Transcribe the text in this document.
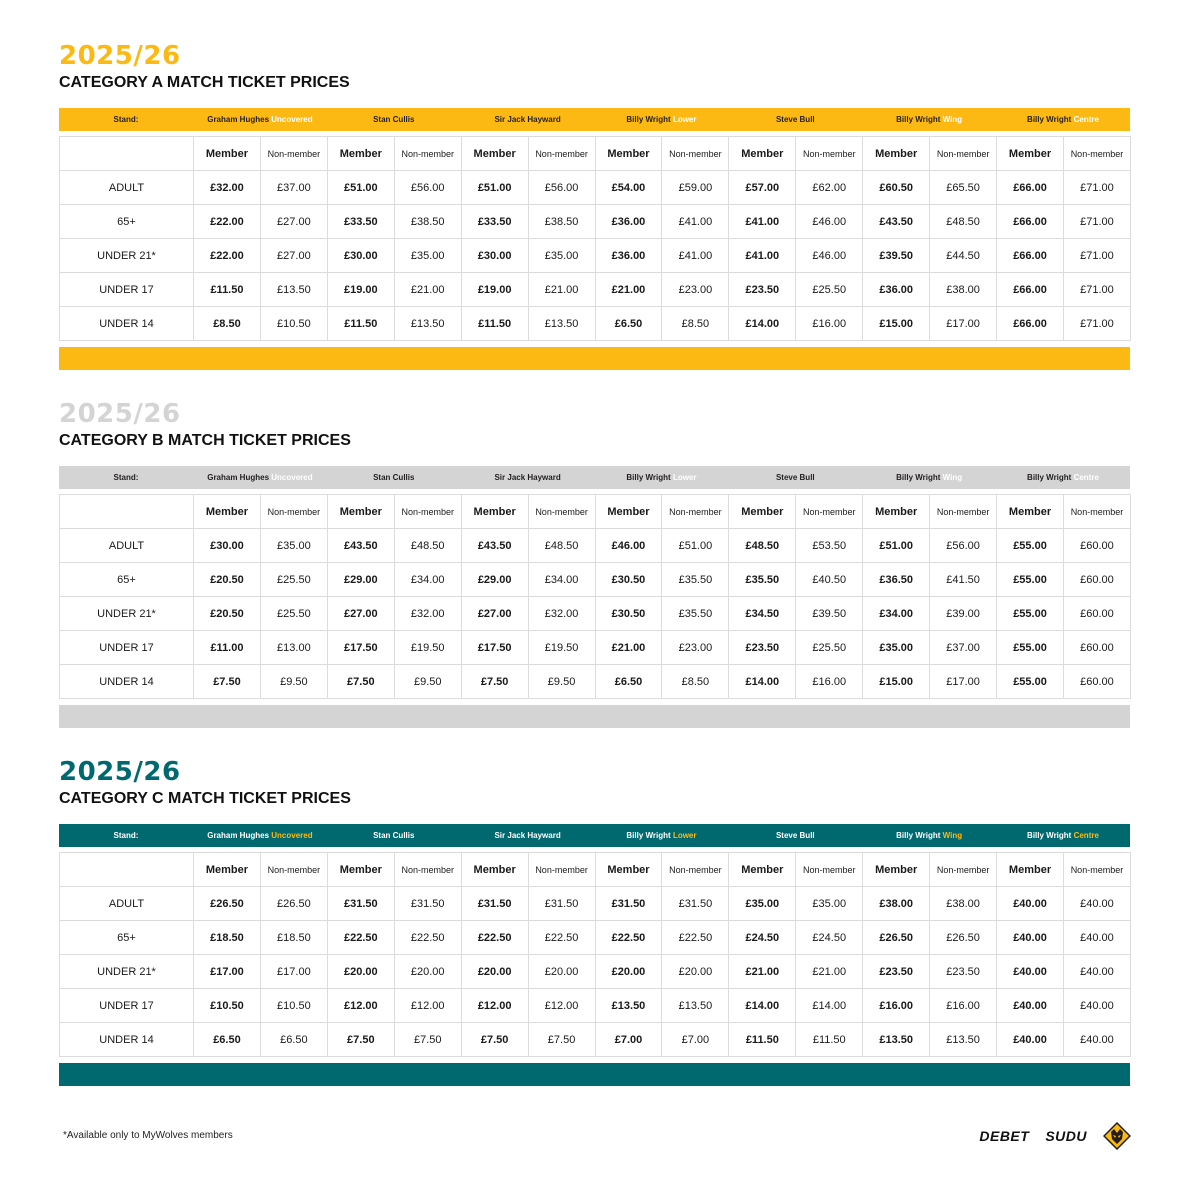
2025/26
CATEGORY A MATCH TICKET PRICES
Stand:	Graham Hughes Uncovered	Stan Cullis	Sir Jack Hayward	Billy Wright Lower	Steve Bull	Billy Wright Wing	Billy Wright Centre
	Member	Non-member	Member	Non-member	Member	Non-member	Member	Non-member	Member	Non-member	Member	Non-member	Member	Non-member
ADULT	£32.00	£37.00	£51.00	£56.00	£51.00	£56.00	£54.00	£59.00	£57.00	£62.00	£60.50	£65.50	£66.00	£71.00
65+	£22.00	£27.00	£33.50	£38.50	£33.50	£38.50	£36.00	£41.00	£41.00	£46.00	£43.50	£48.50	£66.00	£71.00
UNDER 21*	£22.00	£27.00	£30.00	£35.00	£30.00	£35.00	£36.00	£41.00	£41.00	£46.00	£39.50	£44.50	£66.00	£71.00
UNDER 17	£11.50	£13.50	£19.00	£21.00	£19.00	£21.00	£21.00	£23.00	£23.50	£25.50	£36.00	£38.00	£66.00	£71.00
UNDER 14	£8.50	£10.50	£11.50	£13.50	£11.50	£13.50	£6.50	£8.50	£14.00	£16.00	£15.00	£17.00	£66.00	£71.00
2025/26
CATEGORY B MATCH TICKET PRICES
Stand:	Graham Hughes Uncovered	Stan Cullis	Sir Jack Hayward	Billy Wright Lower	Steve Bull	Billy Wright Wing	Billy Wright Centre
	Member	Non-member	Member	Non-member	Member	Non-member	Member	Non-member	Member	Non-member	Member	Non-member	Member	Non-member
ADULT	£30.00	£35.00	£43.50	£48.50	£43.50	£48.50	£46.00	£51.00	£48.50	£53.50	£51.00	£56.00	£55.00	£60.00
65+	£20.50	£25.50	£29.00	£34.00	£29.00	£34.00	£30.50	£35.50	£35.50	£40.50	£36.50	£41.50	£55.00	£60.00
UNDER 21*	£20.50	£25.50	£27.00	£32.00	£27.00	£32.00	£30.50	£35.50	£34.50	£39.50	£34.00	£39.00	£55.00	£60.00
UNDER 17	£11.00	£13.00	£17.50	£19.50	£17.50	£19.50	£21.00	£23.00	£23.50	£25.50	£35.00	£37.00	£55.00	£60.00
UNDER 14	£7.50	£9.50	£7.50	£9.50	£7.50	£9.50	£6.50	£8.50	£14.00	£16.00	£15.00	£17.00	£55.00	£60.00
2025/26
CATEGORY C MATCH TICKET PRICES
Stand:	Graham Hughes Uncovered	Stan Cullis	Sir Jack Hayward	Billy Wright Lower	Steve Bull	Billy Wright Wing	Billy Wright Centre
	Member	Non-member	Member	Non-member	Member	Non-member	Member	Non-member	Member	Non-member	Member	Non-member	Member	Non-member
ADULT	£26.50	£26.50	£31.50	£31.50	£31.50	£31.50	£31.50	£31.50	£35.00	£35.00	£38.00	£38.00	£40.00	£40.00
65+	£18.50	£18.50	£22.50	£22.50	£22.50	£22.50	£22.50	£22.50	£24.50	£24.50	£26.50	£26.50	£40.00	£40.00
UNDER 21*	£17.00	£17.00	£20.00	£20.00	£20.00	£20.00	£20.00	£20.00	£21.00	£21.00	£23.50	£23.50	£40.00	£40.00
UNDER 17	£10.50	£10.50	£12.00	£12.00	£12.00	£12.00	£13.50	£13.50	£14.00	£14.00	£16.00	£16.00	£40.00	£40.00
UNDER 14	£6.50	£6.50	£7.50	£7.50	£7.50	£7.50	£7.00	£7.00	£11.50	£11.50	£13.50	£13.50	£40.00	£40.00
*Available only to MyWolves members	DEBET SUDU
